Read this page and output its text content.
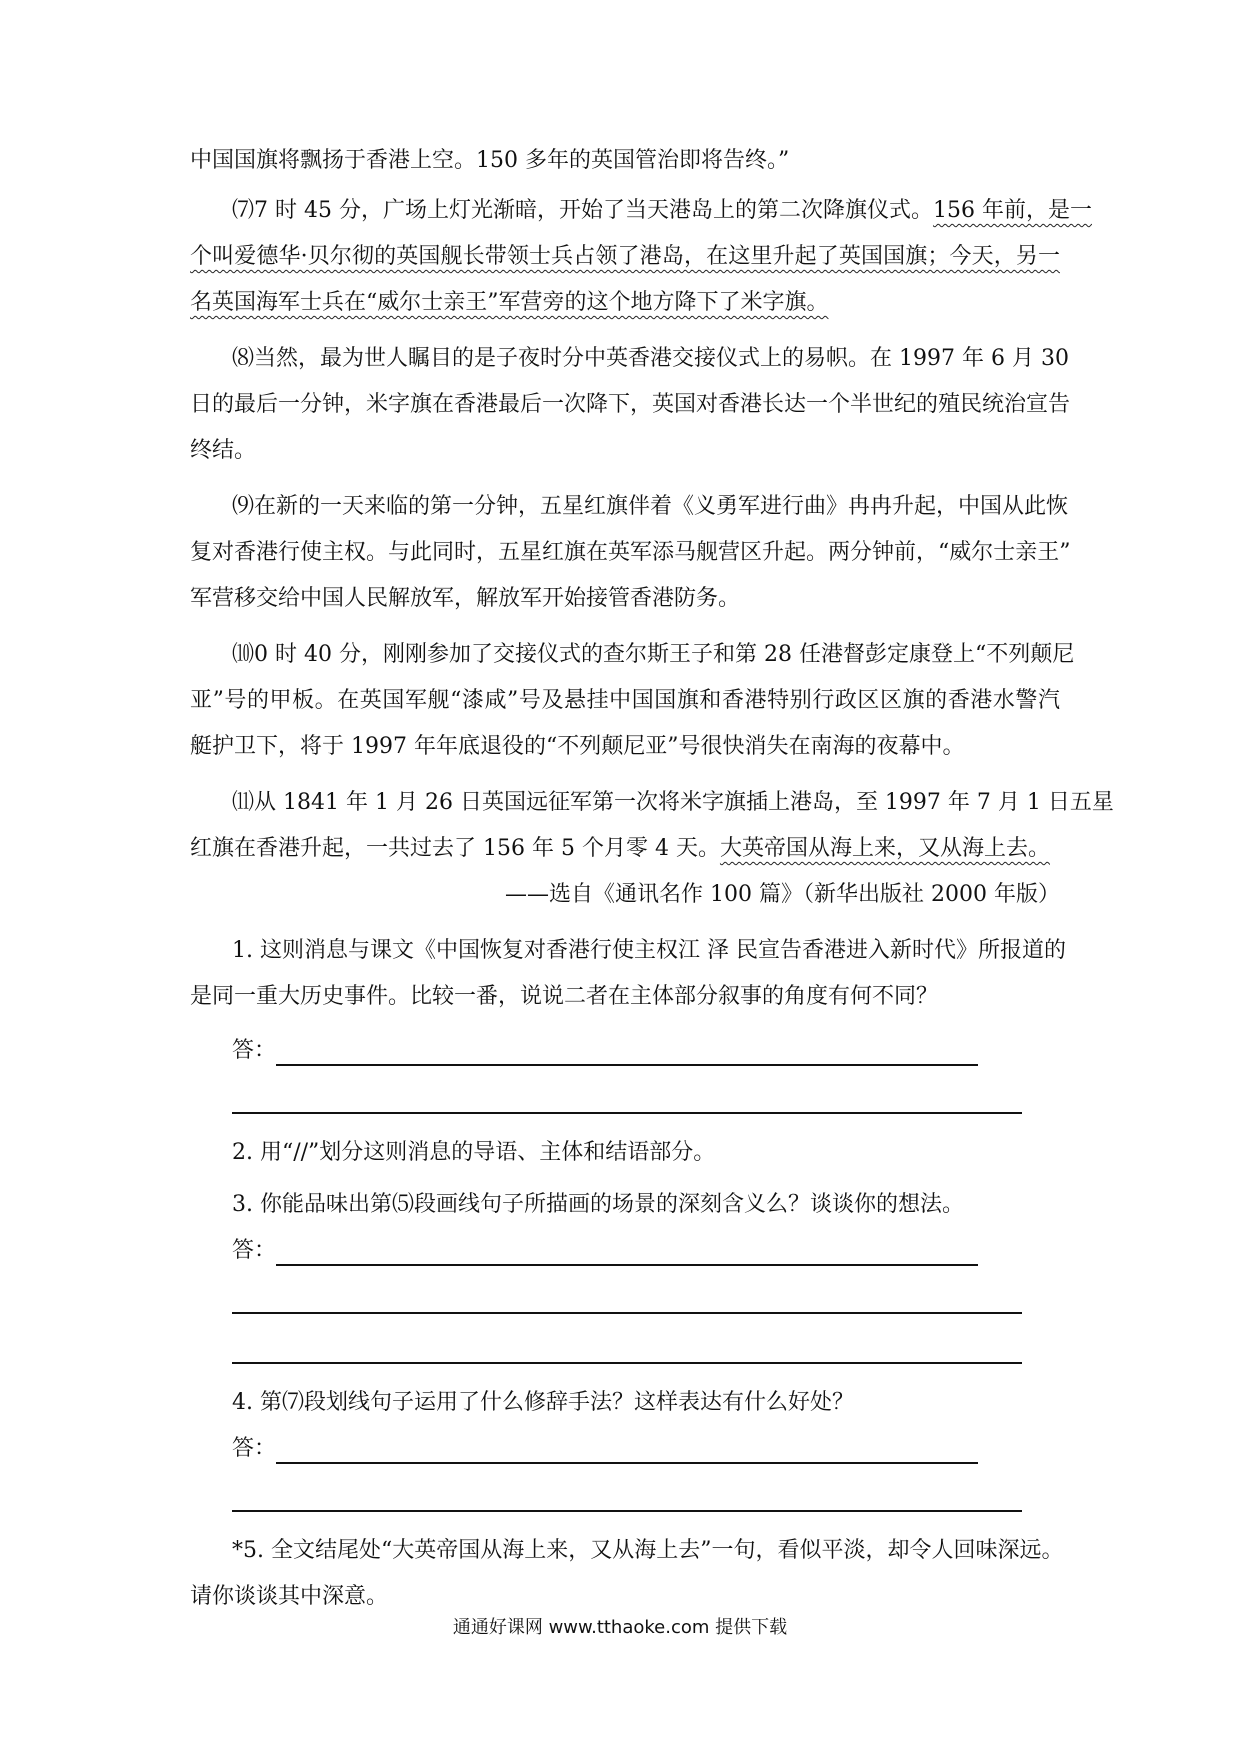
中国国旗将飘扬于香港上空。150 多年的英国管治即将告终。”
⑺7 时 45 分，广场上灯光渐暗，开始了当天港岛上的第二次降旗仪式。156 年前，是一
个叫爱德华·贝尔彻的英国舰长带领士兵占领了港岛，在这里升起了英国国旗；今天，另一
名英国海军士兵在“威尔士亲王”军营旁的这个地方降下了米字旗。
⑻当然，最为世人瞩目的是子夜时分中英香港交接仪式上的易帜。在 1997 年 6 月 30
日的最后一分钟，米字旗在香港最后一次降下，英国对香港长达一个半世纪的殖民统治宣告
终结。
⑼在新的一天来临的第一分钟，五星红旗伴着《义勇军进行曲》冉冉升起，中国从此恢
复对香港行使主权。与此同时，五星红旗在英军添马舰营区升起。两分钟前，“威尔士亲王”
军营移交给中国人民解放军，解放军开始接管香港防务。
⑽0 时 40 分，刚刚参加了交接仪式的查尔斯王子和第 28 任港督彭定康登上“不列颠尼
亚”号的甲板。在英国军舰“漆咸”号及悬挂中国国旗和香港特别行政区区旗的香港水警汽
艇护卫下，将于 1997 年年底退役的“不列颠尼亚”号很快消失在南海的夜幕中。
⑾从 1841 年 1 月 26 日英国远征军第一次将米字旗插上港岛，至 1997 年 7 月 1 日五星
红旗在香港升起，一共过去了 156 年 5 个月零 4 天。大英帝国从海上来，又从海上去。
——选自《通讯名作 100 篇》（新华出版社 2000 年版）
1. 这则消息与课文《中国恢复对香港行使主权江 泽 民宣告香港进入新时代》所报道的
是同一重大历史事件。比较一番，说说二者在主体部分叙事的角度有何不同？
答：
2. 用“//”划分这则消息的导语、主体和结语部分。
3. 你能品味出第⑸段画线句子所描画的场景的深刻含义么？谈谈你的想法。
答：
4. 第⑺段划线句子运用了什么修辞手法？这样表达有什么好处？
答：
*5. 全文结尾处“大英帝国从海上来，又从海上去”一句，看似平淡，却令人回味深远。
请你谈谈其中深意。
通通好课网 www.tthaoke.com 提供下载
